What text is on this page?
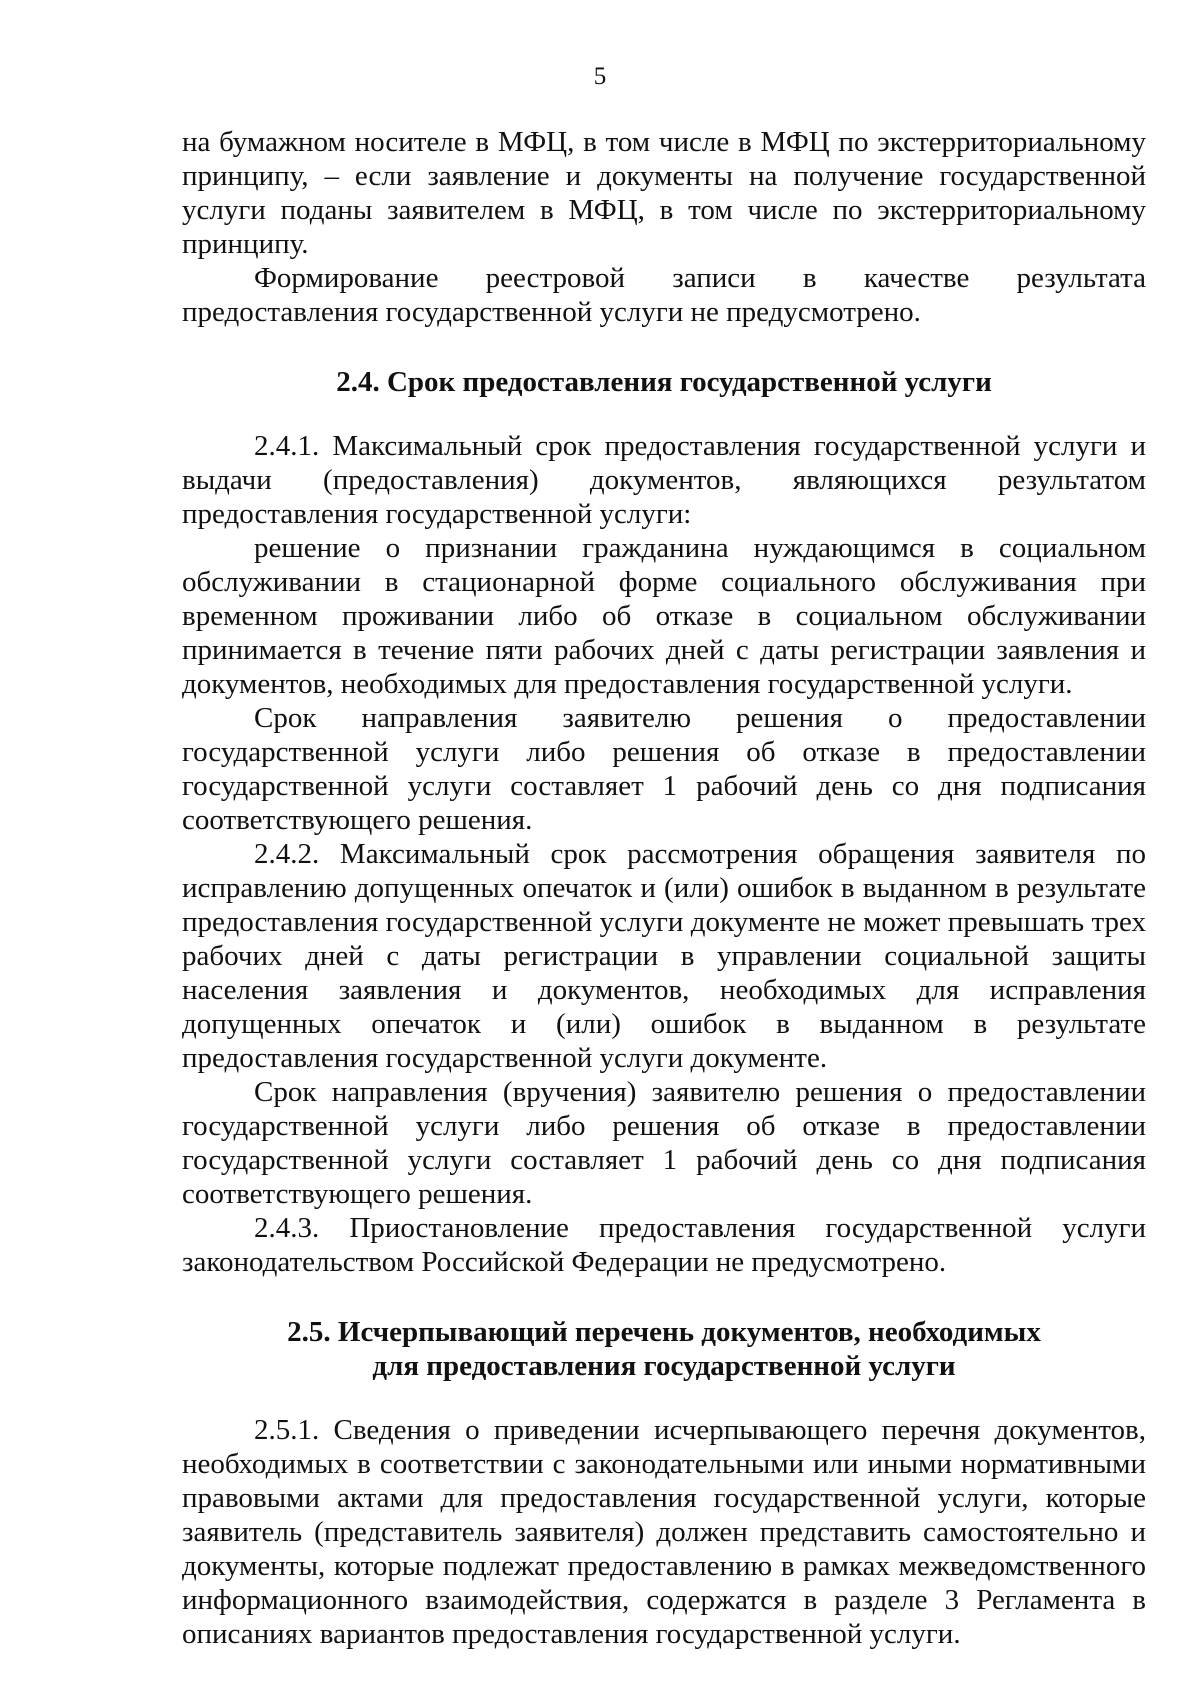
5

на бумажном носителе в МФЦ, в том числе в МФЦ по экстерриториальному принципу, – если заявление и документы на получение государственной услуги поданы заявителем в МФЦ, в том числе по экстерриториальному принципу.

Формирование реестровой записи в качестве результата предоставления государственной услуги не предусмотрено.

2.4. Срок предоставления государственной услуги

2.4.1. Максимальный срок предоставления государственной услуги и выдачи (предоставления) документов, являющихся результатом предоставления государственной услуги:

решение о признании гражданина нуждающимся в социальном обслуживании в стационарной форме социального обслуживания при временном проживании либо об отказе в социальном обслуживании принимается в течение пяти рабочих дней с даты регистрации заявления и документов, необходимых для предоставления государственной услуги.

Срок направления заявителю решения о предоставлении государственной услуги либо решения об отказе в предоставлении государственной услуги составляет 1 рабочий день со дня подписания соответствующего решения.

2.4.2. Максимальный срок рассмотрения обращения заявителя по исправлению допущенных опечаток и (или) ошибок в выданном в результате предоставления государственной услуги документе не может превышать трех рабочих дней с даты регистрации в управлении социальной защиты населения заявления и документов, необходимых для исправления допущенных опечаток и (или) ошибок в выданном в результате предоставления государственной услуги документе.

Срок направления (вручения) заявителю решения о предоставлении государственной услуги либо решения об отказе в предоставлении государственной услуги составляет 1 рабочий день со дня подписания соответствующего решения.

2.4.3. Приостановление предоставления государственной услуги законодательством Российской Федерации не предусмотрено.

2.5. Исчерпывающий перечень документов, необходимых
для предоставления государственной услуги

2.5.1. Сведения о приведении исчерпывающего перечня документов, необходимых в соответствии с законодательными или иными нормативными правовыми актами для предоставления государственной услуги, которые заявитель (представитель заявителя) должен представить самостоятельно и документы, которые подлежат предоставлению в рамках межведомственного информационного взаимодействия, содержатся в разделе 3 Регламента в описаниях вариантов предоставления государственной услуги.
